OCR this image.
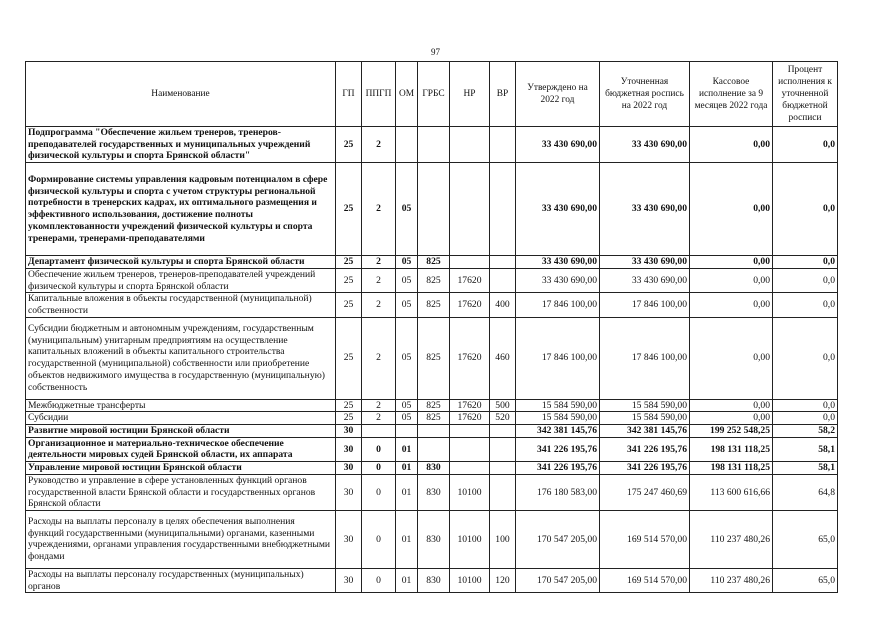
97
Наименование	ГП	ППГП	ОМ	ГРБС	НР	ВР	Утверждено на 2022 год	Уточненная бюджетная роспись на 2022 год	Кассовое исполнение за 9 месяцев 2022 года	Процент исполнения к уточненной бюджетной росписи
Подпрограмма "Обеспечение жильем тренеров, тренеров-преподавателей государственных и муниципальных учреждений физической культуры и спорта Брянской области"	25	2					33 430 690,00	33 430 690,00	0,00	0,0
Формирование системы управления кадровым потенциалом в сфере физической культуры и спорта с учетом структуры региональной потребности в тренерских кадрах, их оптимального размещения и эффективного использования, достижение полноты укомплектованности учреждений физической культуры и спорта тренерами, тренерами-преподавателями	25	2	05				33 430 690,00	33 430 690,00	0,00	0,0
Департамент физической культуры и спорта Брянской области	25	2	05	825			33 430 690,00	33 430 690,00	0,00	0,0
Обеспечение жильем тренеров, тренеров-преподавателей учреждений физической культуры и спорта Брянской области	25	2	05	825	17620		33 430 690,00	33 430 690,00	0,00	0,0
Капитальные вложения в объекты государственной (муниципальной) собственности	25	2	05	825	17620	400	17 846 100,00	17 846 100,00	0,00	0,0
Субсидии бюджетным и автономным учреждениям, государственным (муниципальным) унитарным предприятиям на осуществление капитальных вложений в объекты капитального строительства государственной (муниципальной) собственности или приобретение объектов недвижимого имущества в государственную (муниципальную) собственность	25	2	05	825	17620	460	17 846 100,00	17 846 100,00	0,00	0,0
Межбюджетные трансферты	25	2	05	825	17620	500	15 584 590,00	15 584 590,00	0,00	0,0
Субсидии	25	2	05	825	17620	520	15 584 590,00	15 584 590,00	0,00	0,0
Развитие мировой юстиции Брянской области	30						342 381 145,76	342 381 145,76	199 252 548,25	58,2
Организационное и материально-техническое обеспечение деятельности мировых судей Брянской области, их аппарата	30	0	01				341 226 195,76	341 226 195,76	198 131 118,25	58,1
Управление мировой юстиции Брянской области	30	0	01	830			341 226 195,76	341 226 195,76	198 131 118,25	58,1
Руководство и управление в сфере установленных функций органов государственной власти Брянской области и государственных органов Брянской области	30	0	01	830	10100		176 180 583,00	175 247 460,69	113 600 616,66	64,8
Расходы на выплаты персоналу в целях обеспечения выполнения функций государственными (муниципальными) органами, казенными учреждениями, органами управления государственными внебюджетными фондами	30	0	01	830	10100	100	170 547 205,00	169 514 570,00	110 237 480,26	65,0
Расходы на выплаты персоналу государственных (муниципальных) органов	30	0	01	830	10100	120	170 547 205,00	169 514 570,00	110 237 480,26	65,0
